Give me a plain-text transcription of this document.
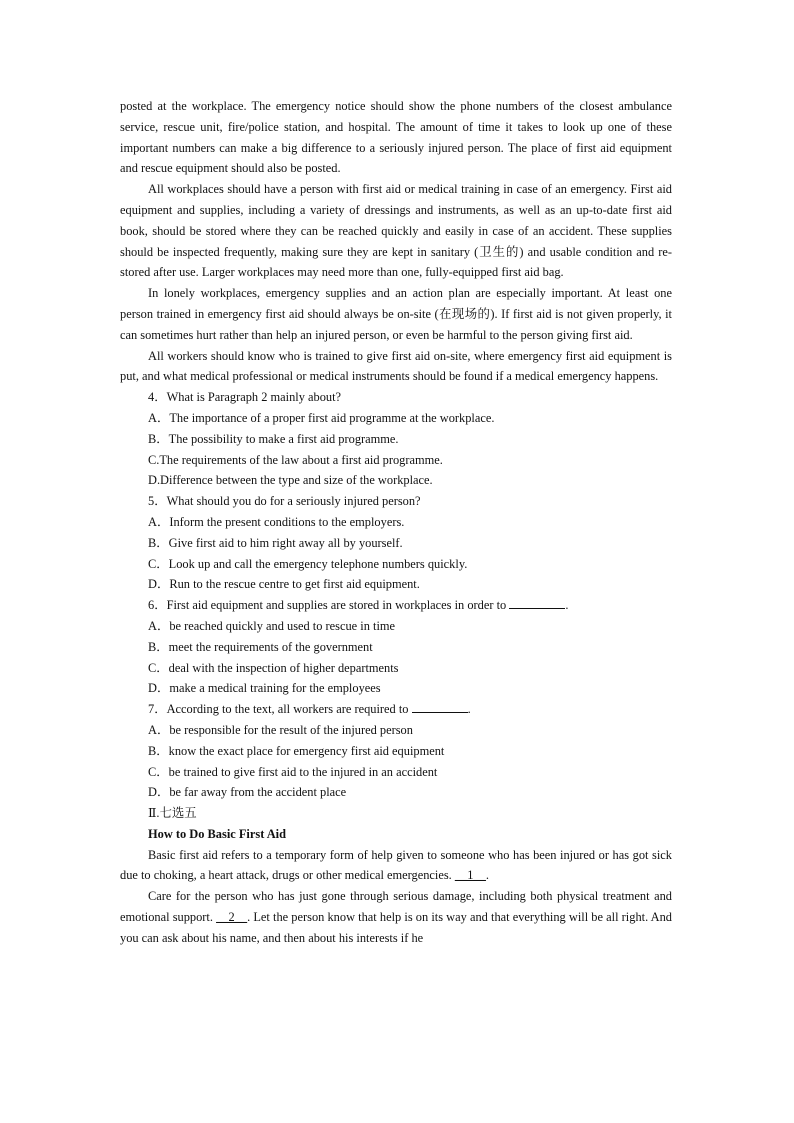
posted at the workplace. The emergency notice should show the phone numbers of the closest ambulance service, rescue unit, fire/police station, and hospital. The amount of time it takes to look up one of these important numbers can make a big difference to a seriously injured person. The place of first aid equipment and rescue equipment should also be posted.

All workplaces should have a person with first aid or medical training in case of an emergency. First aid equipment and supplies, including a variety of dressings and instruments, as well as an up-to-date first aid book, should be stored where they can be reached quickly and easily in case of an accident. These supplies should be inspected frequently, making sure they are kept in sanitary (卫生的) and usable condition and re-stored after use. Larger workplaces may need more than one, fully-equipped first aid bag.

In lonely workplaces, emergency supplies and an action plan are especially important. At least one person trained in emergency first aid should always be on-site (在现场的). If first aid is not given properly, it can sometimes hurt rather than help an injured person, or even be harmful to the person giving first aid.

All workers should know who is trained to give first aid on-site, where emergency first aid equipment is put, and what medical professional or medical instruments should be found if a medical emergency happens.

4．What is Paragraph 2 mainly about?

A．The importance of a proper first aid programme at the workplace.

B．The possibility to make a first aid programme.

C.The requirements of the law about a first aid programme.

D.Difference between the type and size of the workplace.

5．What should you do for a seriously injured person?

A．Inform the present conditions to the employers.

B．Give first aid to him right away all by yourself.

C．Look up and call the emergency telephone numbers quickly.

D．Run to the rescue centre to get first aid equipment.

6．First aid equipment and supplies are stored in workplaces in order to	.

A．be reached quickly and used to rescue in time

B．meet the requirements of the government

C．deal with the inspection of higher departments

D．make a medical training for the employees

7．According to the text, all workers are required to	.

A．be responsible for the result of the injured person

B．know the exact place for emergency first aid equipment

C．be trained to give first aid to the injured in an accident

D．be far away from the accident place

Ⅱ.七选五

How to Do Basic First Aid

Basic first aid refers to a temporary form of help given to someone who has been injured or has got sick due to choking, a heart attack, drugs or other medical emergencies. __1__.

Care for the person who has just gone through serious damage, including both physical treatment and emotional support. __2__. Let the person know that help is on its way and that everything will be all right. And you can ask about his name, and then about his interests if he
